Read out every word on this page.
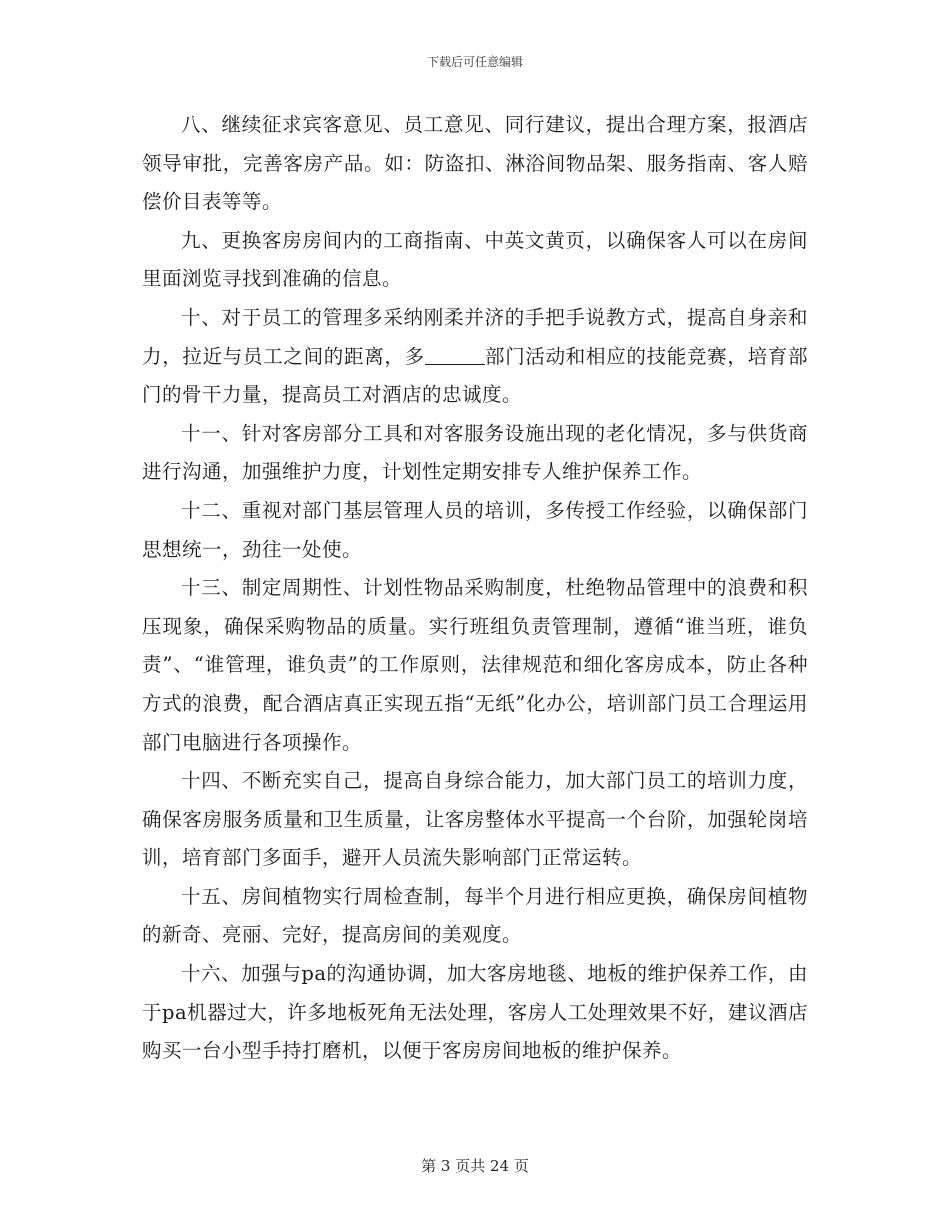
下载后可任意编辑

八、继续征求宾客意见、员工意见、同行建议，提出合理方案，报酒店领导审批，完善客房产品。如：防盗扣、淋浴间物品架、服务指南、客人赔偿价目表等等。

九、更换客房房间内的工商指南、中英文黄页，以确保客人可以在房间里面浏览寻找到准确的信息。

十、对于员工的管理多采纳刚柔并济的手把手说教方式，提高自身亲和力，拉近与员工之间的距离，多	部门活动和相应的技能竞赛，培育部门的骨干力量，提高员工对酒店的忠诚度。

十一、针对客房部分工具和对客服务设施出现的老化情况，多与供货商进行沟通，加强维护力度，计划性定期安排专人维护保养工作。

十二、重视对部门基层管理人员的培训，多传授工作经验，以确保部门思想统一，劲往一处使。

十三、制定周期性、计划性物品采购制度，杜绝物品管理中的浪费和积压现象，确保采购物品的质量。实行班组负责管理制，遵循“谁当班，谁负责”、“谁管理，谁负责”的工作原则，法律规范和细化客房成本，防止各种方式的浪费，配合酒店真正实现五指“无纸”化办公，培训部门员工合理运用部门电脑进行各项操作。

十四、不断充实自己，提高自身综合能力，加大部门员工的培训力度，确保客房服务质量和卫生质量，让客房整体水平提高一个台阶，加强轮岗培训，培育部门多面手，避开人员流失影响部门正常运转。

十五、房间植物实行周检查制，每半个月进行相应更换，确保房间植物的新奇、亮丽、完好，提高房间的美观度。

十六、加强与pa的沟通协调，加大客房地毯、地板的维护保养工作，由于pa机器过大，许多地板死角无法处理，客房人工处理效果不好，建议酒店购买一台小型手持打磨机，以便于客房房间地板的维护保养。

第 3 页共 24 页
